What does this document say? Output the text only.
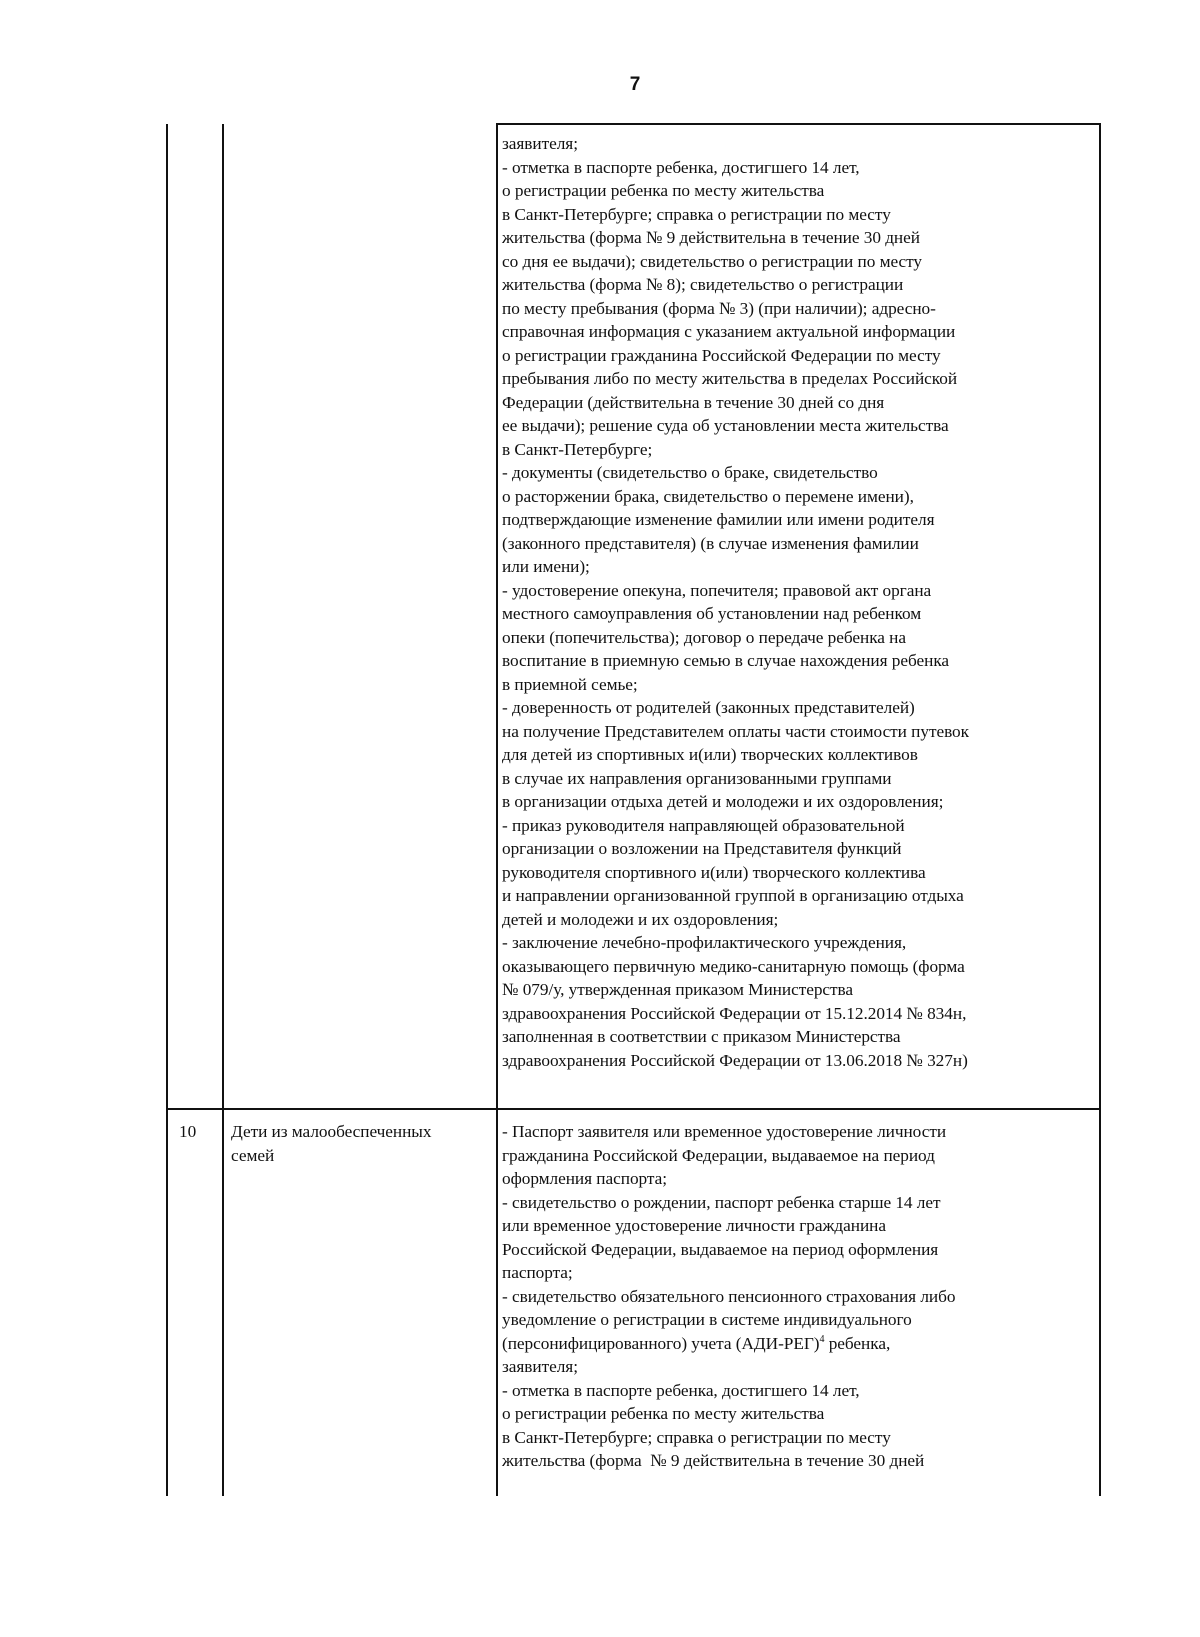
7
заявителя;
- отметка в паспорте ребенка, достигшего 14 лет,
о регистрации ребенка по месту жительства
в Санкт-Петербурге; справка о регистрации по месту
жительства (форма № 9 действительна в течение 30 дней
со дня ее выдачи); свидетельство о регистрации по месту
жительства (форма № 8); свидетельство о регистрации
по месту пребывания (форма № 3) (при наличии); адресно-
справочная информация с указанием актуальной информации
о регистрации гражданина Российской Федерации по месту
пребывания либо по месту жительства в пределах Российской
Федерации (действительна в течение 30 дней со дня
ее выдачи); решение суда об установлении места жительства
в Санкт-Петербурге;
- документы (свидетельство о браке, свидетельство
о расторжении брака, свидетельство о перемене имени),
подтверждающие изменение фамилии или имени родителя
(законного представителя) (в случае изменения фамилии
или имени);
- удостоверение опекуна, попечителя; правовой акт органа
местного самоуправления об установлении над ребенком
опеки (попечительства); договор о передаче ребенка на
воспитание в приемную семью в случае нахождения ребенка
в приемной семье;
- доверенность от родителей (законных представителей)
на получение Представителем оплаты части стоимости путевок
для детей из спортивных и(или) творческих коллективов
в случае их направления организованными группами
в организации отдыха детей и молодежи и их оздоровления;
- приказ руководителя направляющей образовательной
организации о возложении на Представителя функций
руководителя спортивного и(или) творческого коллектива
и направлении организованной группой в организацию отдыха
детей и молодежи и их оздоровления;
- заключение лечебно-профилактического учреждения,
оказывающего первичную медико-санитарную помощь (форма
№ 079/у, утвержденная приказом Министерства
здравоохранения Российской Федерации от 15.12.2014 № 834н,
заполненная в соответствии с приказом Министерства
здравоохранения Российской Федерации от 13.06.2018 № 327н)
10 Дети из малообеспеченных
семей
- Паспорт заявителя или временное удостоверение личности
гражданина Российской Федерации, выдаваемое на период
оформления паспорта;
- свидетельство о рождении, паспорт ребенка старше 14 лет
или временное удостоверение личности гражданина
Российской Федерации, выдаваемое на период оформления
паспорта;
- свидетельство обязательного пенсионного страхования либо
уведомление о регистрации в системе индивидуального
(персонифицированного) учета $(АДИ-РЕГ)^4$ ребенка,
заявителя;
- отметка в паспорте ребенка, достигшего 14 лет,
о регистрации ребенка по месту жительства
в Санкт-Петербурге; справка о регистрации по месту
жительства (форма  № 9 действительна в течение 30 дней
